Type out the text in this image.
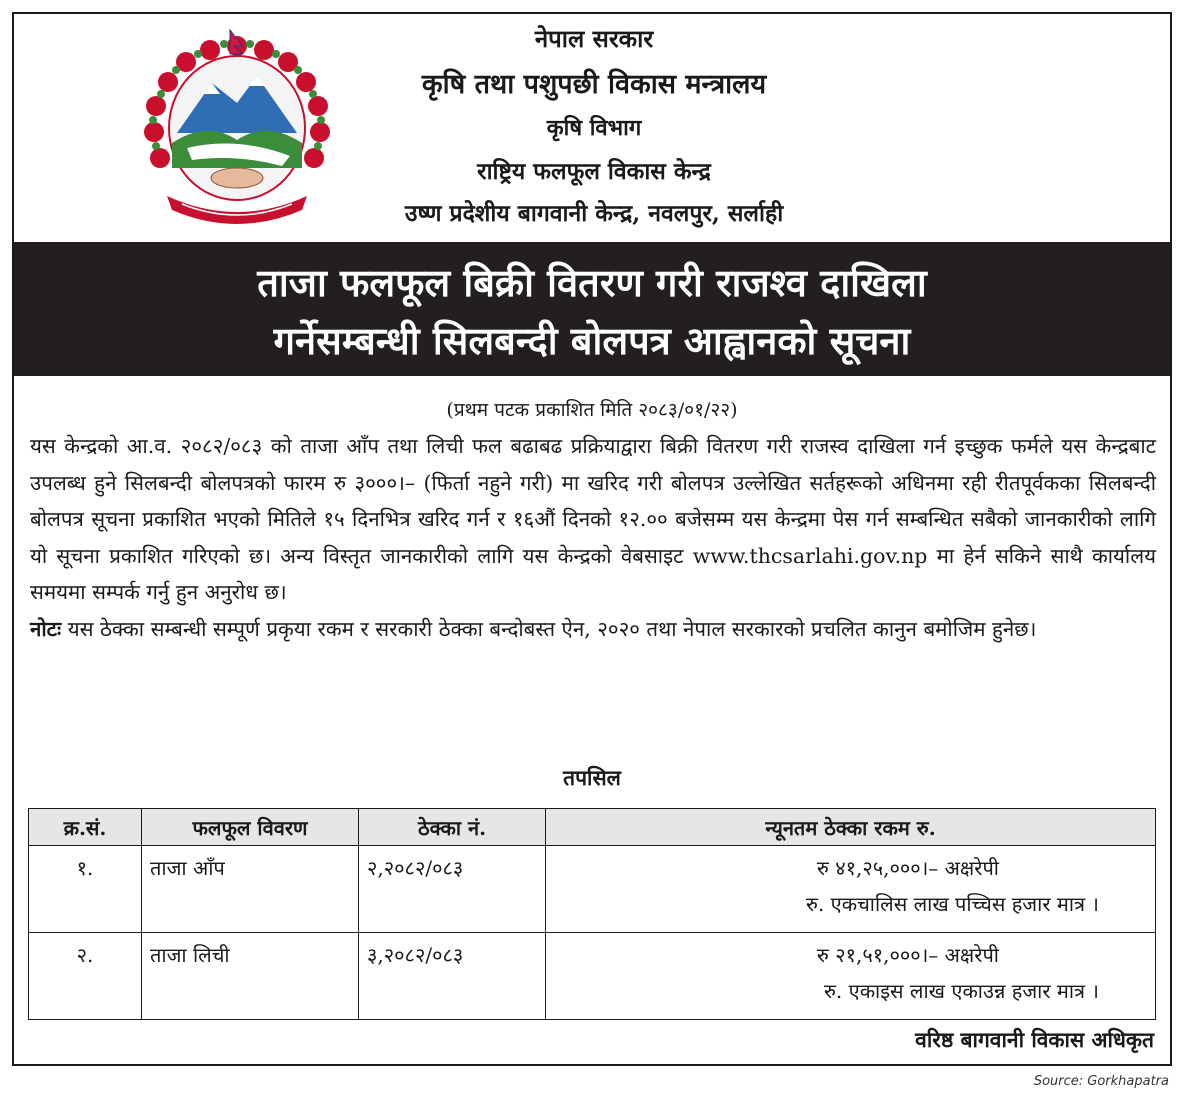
नेपाल सरकार
कृषि तथा पशुपछी विकास मन्त्रालय
कृषि विभाग
राष्ट्रिय फलफूल विकास केन्द्र
उष्ण प्रदेशीय बागवानी केन्द्र, नवलपुर, सर्लाही
ताजा फलफूल बिक्री वितरण गरी राजश्व दाखिला
गर्नेसम्बन्धी सिलबन्दी बोलपत्र आह्वानको सूचना
(प्रथम पटक प्रकाशित मिति २०८३/०१/२२)

यस केन्द्रको आ.व. २०८२/०८३ को ताजा आँप तथा लिची फल बढाबढ प्रक्रियाद्वारा बिक्री वितरण गरी राजस्व दाखिला गर्न इच्छुक फर्मले यस केन्द्रबाट उपलब्ध हुने सिलबन्दी बोलपत्रको फारम रु ३०००।– (फिर्ता नहुने गरी) मा खरिद गरी बोलपत्र उल्लेखित सर्तहरूको अधिनमा रही रीतपूर्वकका सिलबन्दी बोलपत्र सूचना प्रकाशित भएको मितिले १५ दिनभित्र खरिद गर्न र १६औं दिनको १२.०० बजेसम्म यस केन्द्रमा पेस गर्न सम्बन्धित सबैको जानकारीको लागि यो सूचना प्रकाशित गरिएको छ। अन्य विस्तृत जानकारीको लागि यस केन्द्रको वेबसाइट www.thcsarlahi.gov.np मा हेर्न सकिने साथै कार्यालय समयमा सम्पर्क गर्नु हुन अनुरोध छ।

नोटः यस ठेक्का सम्बन्धी सम्पूर्ण प्रकृया रकम र सरकारी ठेक्का बन्दोबस्त ऐन, २०२० तथा नेपाल सरकारको प्रचलित कानुन बमोजिम हुनेछ।

तपसिल
क्र.सं.	फलफूल विवरण	ठेक्का नं.	न्यूनतम ठेक्का रकम रु.
१.	ताजा आँप	२,२०८२/०८३	रु ४१,२५,०००।– अक्षरेपी
रु. एकचालिस लाख पच्चिस हजार मात्र ।
२.	ताजा लिची	३,२०८२/०८३	रु २१,५१,०००।– अक्षरेपी
रु. एकाइस लाख एकाउन्न हजार मात्र ।
वरिष्ठ बागवानी विकास अधिकृत
Source: Gorkhapatra
